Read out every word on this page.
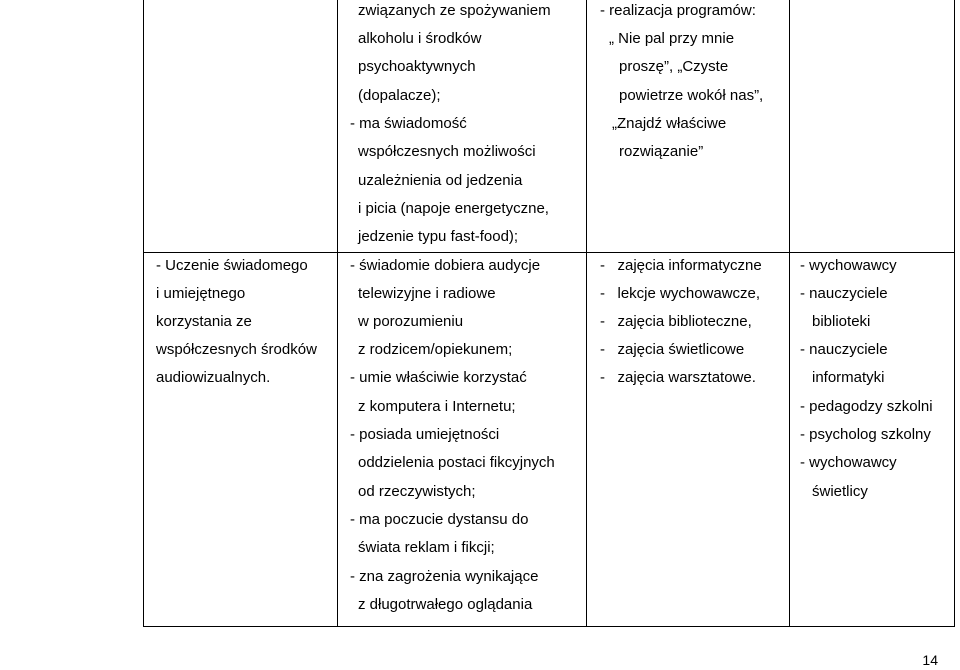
związanych ze spożywaniem
alkoholu i środków
psychoaktywnych
(dopalacze);
- ma świadomość
współczesnych możliwości
uzależnienia od jedzenia
i picia (napoje energetyczne,
jedzenie typu fast-food);
- realizacja programów:
„ Nie pal przy mnie
proszę”, „Czyste
powietrze wokół nas”,
„Znajdź właściwe
rozwiązanie”
- Uczenie świadomego
i umiejętnego
korzystania ze
współczesnych środków
audiowizualnych.
- świadomie dobiera audycje
telewizyjne i radiowe
w porozumieniu
z rodzicem/opiekunem;
- umie właściwie korzystać
z komputera i Internetu;
- posiada umiejętności
oddzielenia postaci fikcyjnych
od rzeczywistych;
- ma poczucie dystansu do
świata reklam i fikcji;
- zna zagrożenia wynikające
z długotrwałego oglądania
-   zajęcia informatyczne
-   lekcje wychowawcze,
-   zajęcia biblioteczne,
-   zajęcia świetlicowe
-   zajęcia warsztatowe.
- wychowawcy
- nauczyciele
biblioteki
- nauczyciele
informatyki
- pedagodzy szkolni
- psycholog szkolny
- wychowawcy
świetlicy
14
